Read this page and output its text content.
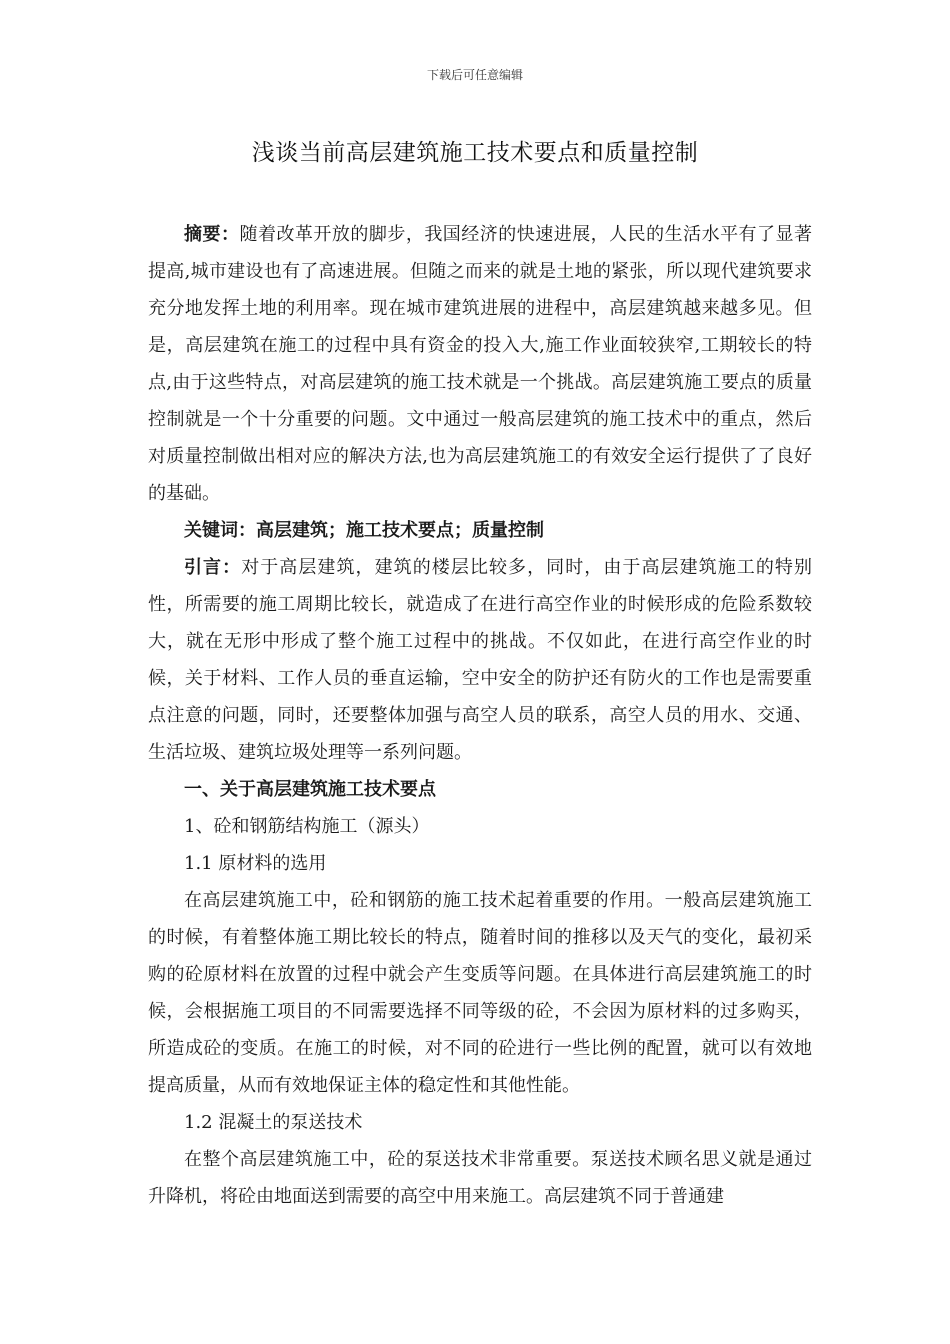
下载后可任意编辑
浅谈当前高层建筑施工技术要点和质量控制

摘要：随着改革开放的脚步，我国经济的快速进展，人民的生活水平有了显著提高,城市建设也有了高速进展。但随之而来的就是土地的紧张，所以现代建筑要求充分地发挥土地的利用率。现在城市建筑进展的进程中，高层建筑越来越多见。但是，高层建筑在施工的过程中具有资金的投入大,施工作业面较狭窄,工期较长的特点,由于这些特点，对高层建筑的施工技术就是一个挑战。高层建筑施工要点的质量控制就是一个十分重要的问题。文中通过一般高层建筑的施工技术中的重点，然后对质量控制做出相对应的解决方法,也为高层建筑施工的有效安全运行提供了了良好的基础。

关键词：高层建筑；施工技术要点；质量控制

引言：对于高层建筑，建筑的楼层比较多，同时，由于高层建筑施工的特别性，所需要的施工周期比较长，就造成了在进行高空作业的时候形成的危险系数较大，就在无形中形成了整个施工过程中的挑战。不仅如此，在进行高空作业的时候，关于材料、工作人员的垂直运输，空中安全的防护还有防火的工作也是需要重点注意的问题，同时，还要整体加强与高空人员的联系，高空人员的用水、交通、生活垃圾、建筑垃圾处理等一系列问题。

一、关于高层建筑施工技术要点

1、砼和钢筋结构施工（源头）

1.1 原材料的选用

在高层建筑施工中，砼和钢筋的施工技术起着重要的作用。一般高层建筑施工的时候，有着整体施工期比较长的特点，随着时间的推移以及天气的变化，最初采购的砼原材料在放置的过程中就会产生变质等问题。在具体进行高层建筑施工的时候，会根据施工项目的不同需要选择不同等级的砼，不会因为原材料的过多购买，所造成砼的变质。在施工的时候，对不同的砼进行一些比例的配置，就可以有效地提高质量，从而有效地保证主体的稳定性和其他性能。

1.2 混凝土的泵送技术

在整个高层建筑施工中，砼的泵送技术非常重要。泵送技术顾名思义就是通过升降机，将砼由地面送到需要的高空中用来施工。高层建筑不同于普通建
